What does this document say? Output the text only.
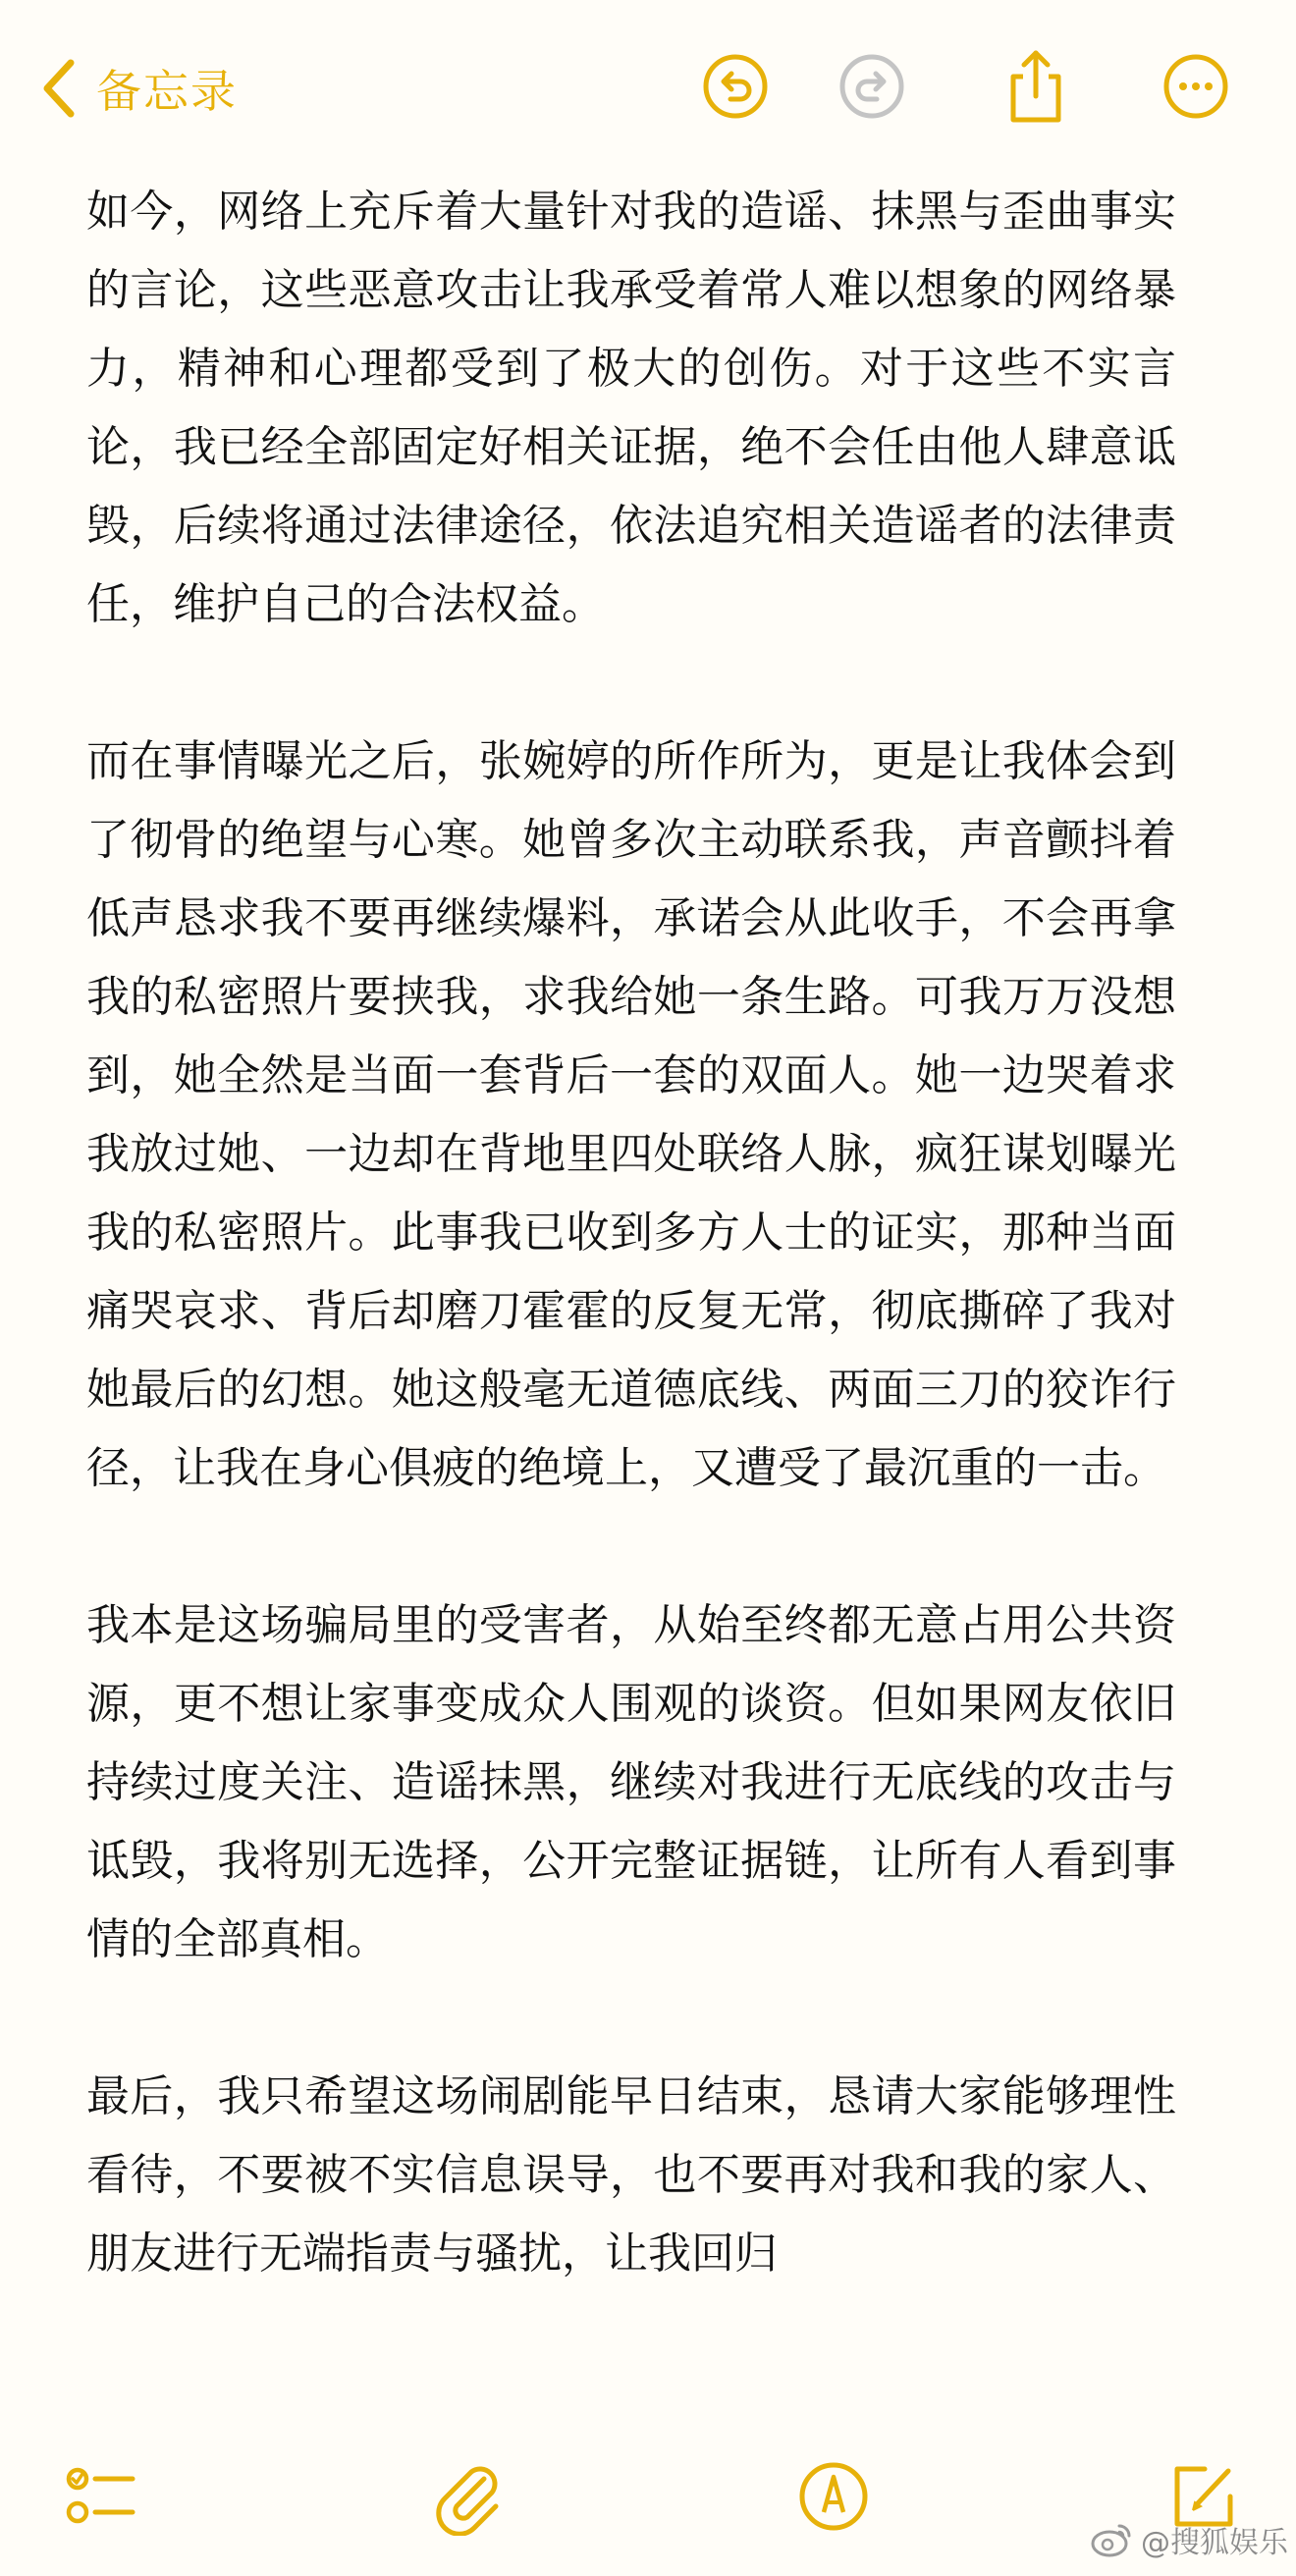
备忘录

如今，网络上充斥着大量针对我的造谣、抹黑与歪曲事实的言论，这些恶意攻击让我承受着常人难以想象的网络暴力，精神和心理都受到了极大的创伤。对于这些不实言论，我已经全部固定好相关证据，绝不会任由他人肆意诋毁，后续将通过法律途径，依法追究相关造谣者的法律责任，维护自己的合法权益。

而在事情曝光之后，张婉婷的所作所为，更是让我体会到了彻骨的绝望与心寒。她曾多次主动联系我，声音颤抖着低声恳求我不要再继续爆料，承诺会从此收手，不会再拿我的私密照片要挟我，求我给她一条生路。可我万万没想到，她全然是当面一套背后一套的双面人。她一边哭着求我放过她、一边却在背地里四处联络人脉，疯狂谋划曝光我的私密照片。此事我已收到多方人士的证实，那种当面痛哭哀求、背后却磨刀霍霍的反复无常，彻底撕碎了我对她最后的幻想。她这般毫无道德底线、两面三刀的狡诈行径，让我在身心俱疲的绝境上，又遭受了最沉重的一击。

我本是这场骗局里的受害者，从始至终都无意占用公共资源，更不想让家事变成众人围观的谈资。但如果网友依旧持续过度关注、造谣抹黑，继续对我进行无底线的攻击与诋毁，我将别无选择，公开完整证据链，让所有人看到事情的全部真相。

最后，我只希望这场闹剧能早日结束，恳请大家能够理性看待，不要被不实信息误导，也不要再对我和我的家人、朋友进行无端指责与骚扰，让我回归

@搜狐娱乐
